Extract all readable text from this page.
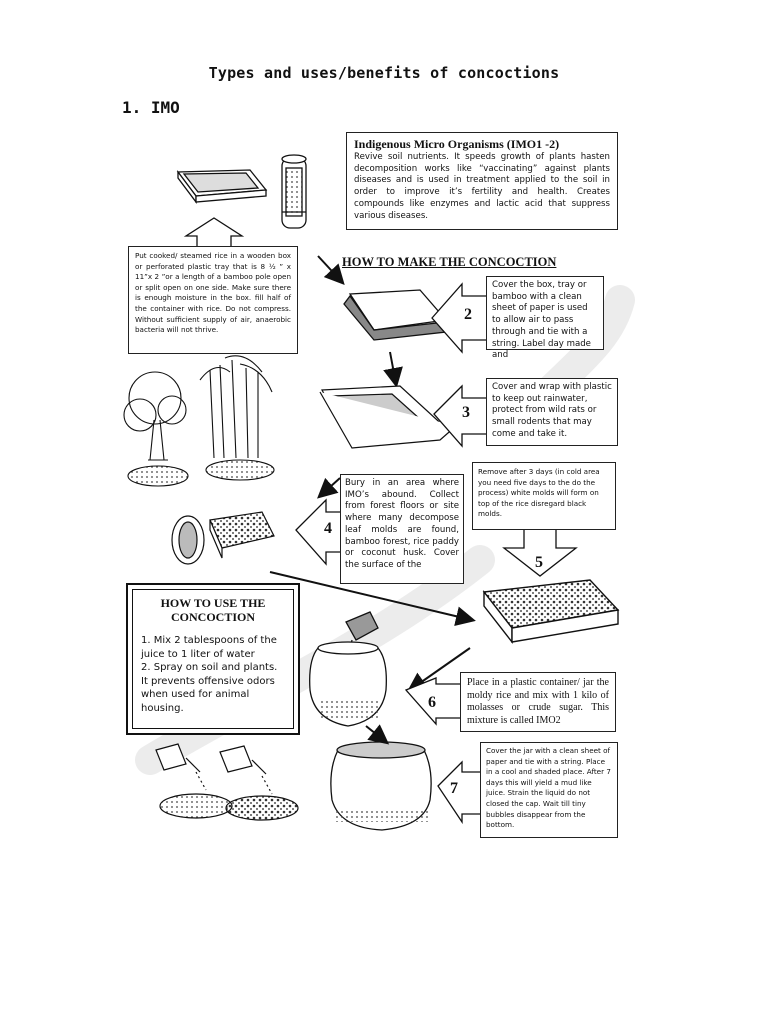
Types and uses/benefits of concoctions
1. IMO
Indigenous Micro Organisms (IMO1 -2)
Revive soil nutrients. It speeds growth of plants hasten decomposition works like “vaccinating” against plants diseases and is used in treatment applied to the soil in order to improve it’s fertility and health. Creates compounds like enzymes and lactic acid that suppress various diseases.
Put cooked/ steamed rice in a wooden box or perforated plastic tray that is 8 ½ ” x 11”x 2 ”or a length of a bamboo pole open or split open on one side. Make sure there is enough moisture in the box. fill half of the container with rice. Do not compress. Without sufficient supply of air, anaerobic bacteria will not thrive.
HOW TO MAKE THE CONCOCTION
2
Cover the box, tray or bamboo with a clean sheet of paper is used to allow air to pass through and tie with a string. Label day made and
3
Cover and wrap with plastic to keep out rainwater, protect from wild rats or small rodents that may come and take it.
4
Bury in an area where IMO’s abound. Collect from forest floors or site where many decompose leaf molds are found, bamboo forest, rice paddy or coconut husk. Cover the surface of the
Remove after 3 days (in cold area you need five days to the do the process) white molds will form on top of the rice disregard black molds.
5
HOW TO USE THE
CONCOCTION
1. Mix 2 tablespoons of the juice to 1 liter of water
2. Spray on soil and plants. It prevents offensive odors when used for animal housing.	6
Place in a plastic container/ jar the moldy rice and mix with 1 kilo of molasses or crude sugar. This mixture is called IMO2
7
Cover the jar with a clean sheet of paper and tie with a string. Place in a cool and shaded place. After 7 days this will yield a mud like juice. Strain the liquid do not closed the cap. Wait till tiny bubbles disappear from the bottom.
